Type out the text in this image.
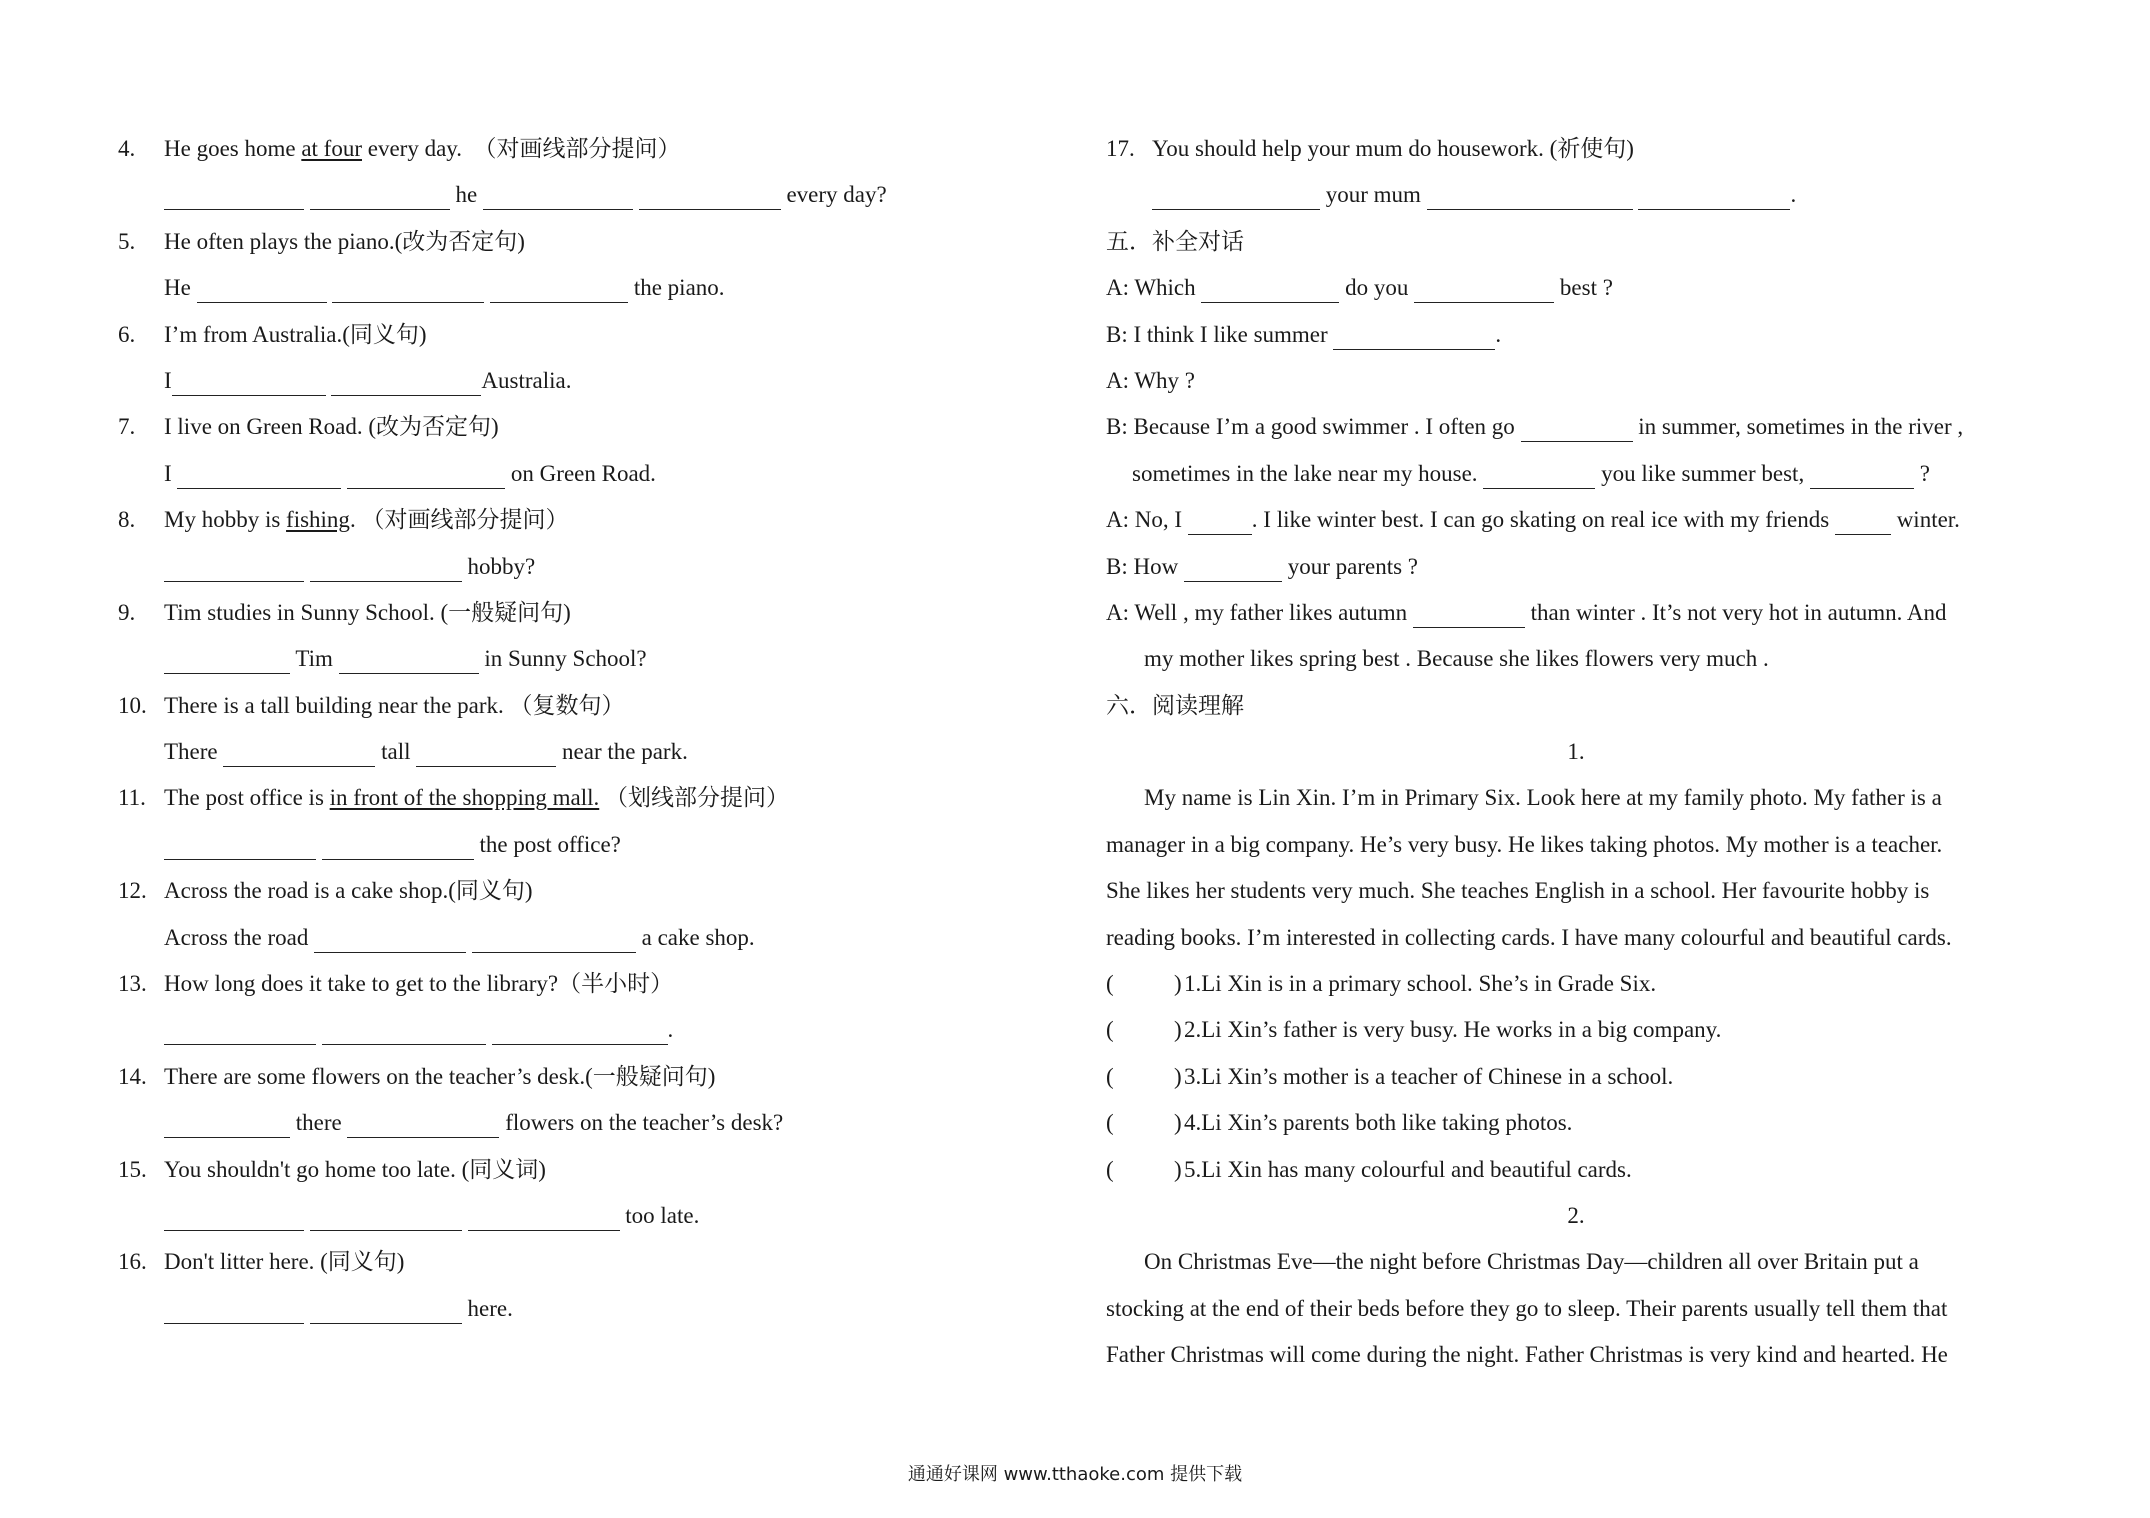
4. He goes home at four every day.  （对画线部分提问）
he	every day?
5. He often plays the piano.(改为否定句)
He	the piano.
6. I’m from Australia.(同义句)
I	Australia.
7. I live on Green Road. (改为否定句)
I	on Green Road.
8. My hobby is fishing. （对画线部分提问）
hobby?
9. Tim studies in Sunny School. (一般疑问句)
Tim	in Sunny School?
10. There is a tall building near the park. （复数句）
There	tall	near the park.
11. The post office is in front of the shopping mall. （划线部分提问）
the post office?
12. Across the road is a cake shop.(同义句)
Across the road	a cake shop.
13. How long does it take to get to the library?（半小时）
.
14. There are some flowers on the teacher’s desk.(一般疑问句)
there	flowers on the teacher’s desk?
15. You shouldn't go home too late. (同义词)
too late.
16. Don't litter here. (同义句)
here.
17. You should help your mum do housework. (祈使句)
your mum	.
五．补全对话
A: Which	do you	best ?
B: I think I like summer	.
A: Why ?
B: Because I’m a good swimmer . I often go	in summer, sometimes in the river ,
sometimes in the lake near my house.	you like summer best,	?
A: No, I	. I like winter best. I can go skating on real ice with my friends  winter.
B: How	your parents ?
A: Well , my father likes autumn	than winter . It’s not very hot in autumn. And
my mother likes spring best . Because she likes flowers very much .
六．阅读理解
1.
My name is Lin Xin. I’m in Primary Six. Look here at my family photo. My father is a
manager in a big company. He’s very busy. He likes taking photos. My mother is a teacher.
She likes her students very much. She teaches English in a school. Her favourite hobby is
reading books. I’m interested in collecting cards. I have many colourful and beautiful cards.
(	) 1.Li Xin is in a primary school. She’s in Grade Six.
(	) 2.Li Xin’s father is very busy. He works in a big company.
(	) 3.Li Xin’s mother is a teacher of Chinese in a school.
(	) 4.Li Xin’s parents both like taking photos.
(	) 5.Li Xin has many colourful and beautiful cards.
2.
On Christmas Eve—the night before Christmas Day—children all over Britain put a
stocking at the end of their beds before they go to sleep. Their parents usually tell them that
Father Christmas will come during the night. Father Christmas is very kind and hearted. He
通通好课网 www.tthaoke.com 提供下载
